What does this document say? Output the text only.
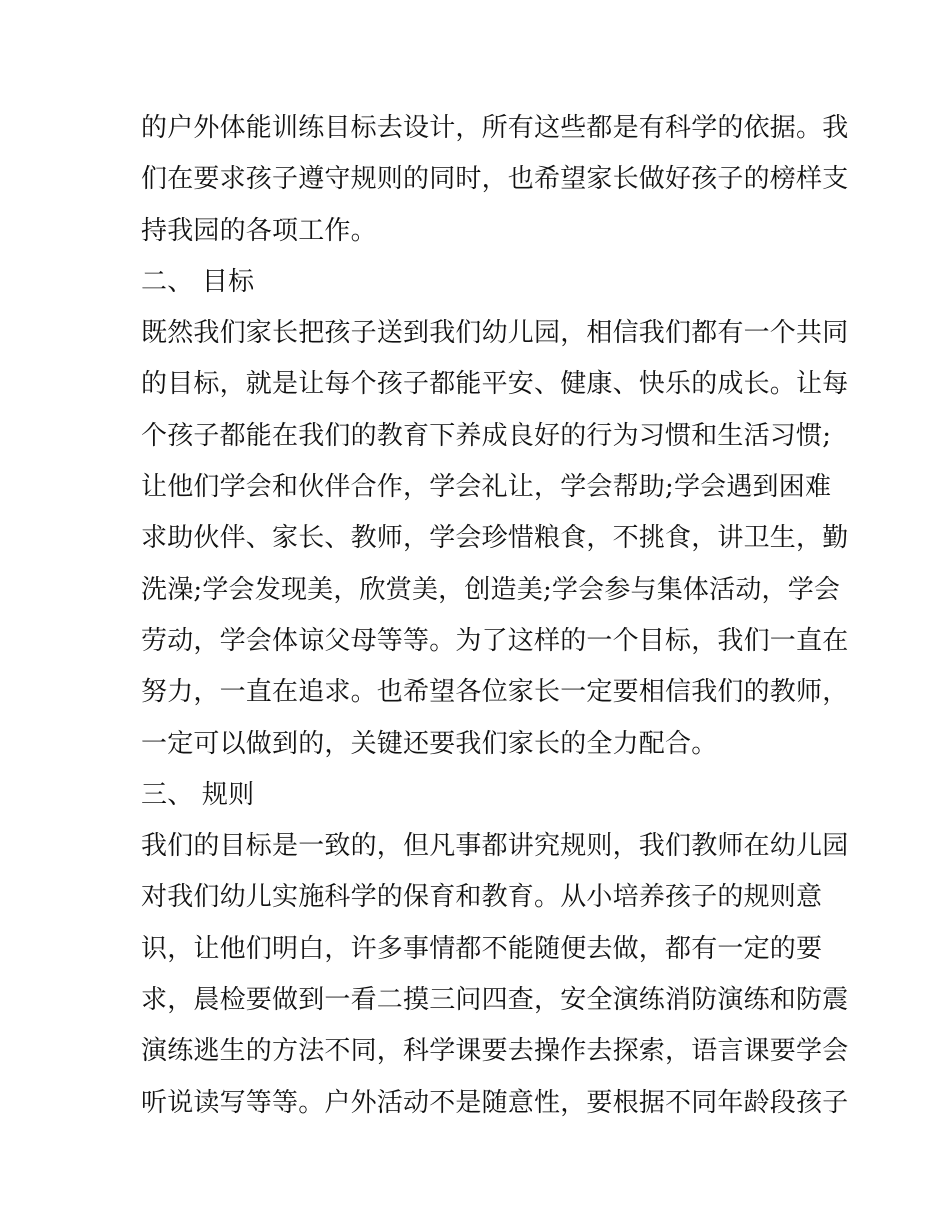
的户外体能训练目标去设计，所有这些都是有科学的依据。我
们在要求孩子遵守规则的同时，也希望家长做好孩子的榜样支
持我园的各项工作。
二、 目标
既然我们家长把孩子送到我们幼儿园，相信我们都有一个共同
的目标，就是让每个孩子都能平安、健康、快乐的成长。让每
个孩子都能在我们的教育下养成良好的行为习惯和生活习惯;
让他们学会和伙伴合作，学会礼让，学会帮助;学会遇到困难
求助伙伴、家长、教师，学会珍惜粮食，不挑食，讲卫生，勤
洗澡;学会发现美，欣赏美，创造美;学会参与集体活动，学会
劳动，学会体谅父母等等。为了这样的一个目标，我们一直在
努力，一直在追求。也希望各位家长一定要相信我们的教师，
一定可以做到的，关键还要我们家长的全力配合。
三、 规则
我们的目标是一致的，但凡事都讲究规则，我们教师在幼儿园
对我们幼儿实施科学的保育和教育。从小培养孩子的规则意
识，让他们明白，许多事情都不能随便去做，都有一定的要
求，晨检要做到一看二摸三问四查，安全演练消防演练和防震
演练逃生的方法不同，科学课要去操作去探索，语言课要学会
听说读写等等。户外活动不是随意性，要根据不同年龄段孩子
